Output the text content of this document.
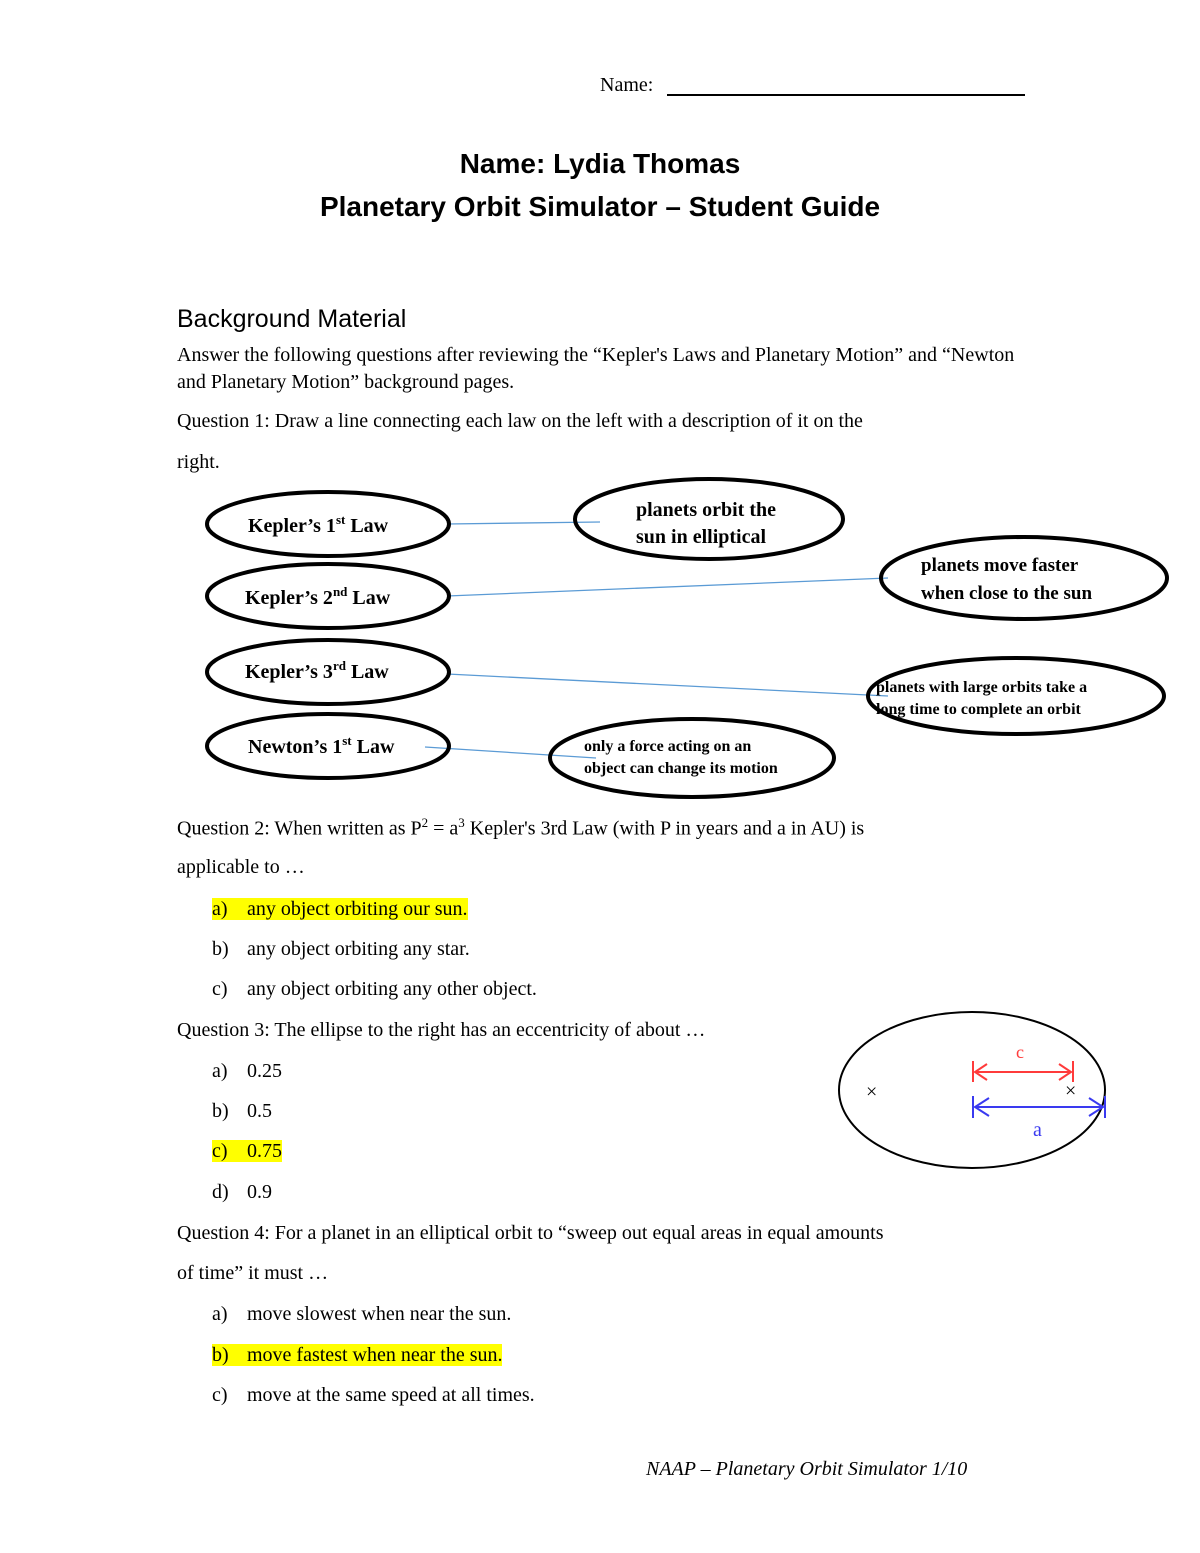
Name:
Name: Lydia Thomas
Planetary Orbit Simulator – Student Guide
Background Material
Answer the following questions after reviewing the “Kepler's Laws and Planetary Motion” and “Newton and Planetary Motion” background pages.
Question 1: Draw a line connecting each law on the left with a description of it on the
right.
Kepler’s 1st Law
Kepler’s 2nd Law
Kepler’s 3rd Law
Newton’s 1st Law
planets orbit the
sun in elliptical
planets move faster
when close to the sun
planets with large orbits take a
long time to complete an orbit
only a force acting on an
object can change its motion
×	×
c
a
Question 2: When written as $P^2 = a^3$ Kepler's 3rd Law (with P in years and a in AU) is
applicable to …
a) any object orbiting our sun.
b) any object orbiting any star.
c) any object orbiting any other object.
Question 3: The ellipse to the right has an eccentricity of about …
a) 0.25
b) 0.5
c) 0.75
d) 0.9
Question 4: For a planet in an elliptical orbit to “sweep out equal areas in equal amounts
of time” it must …
a) move slowest when near the sun.
b) move fastest when near the sun.
c) move at the same speed at all times.
NAAP – Planetary Orbit Simulator 1/10
